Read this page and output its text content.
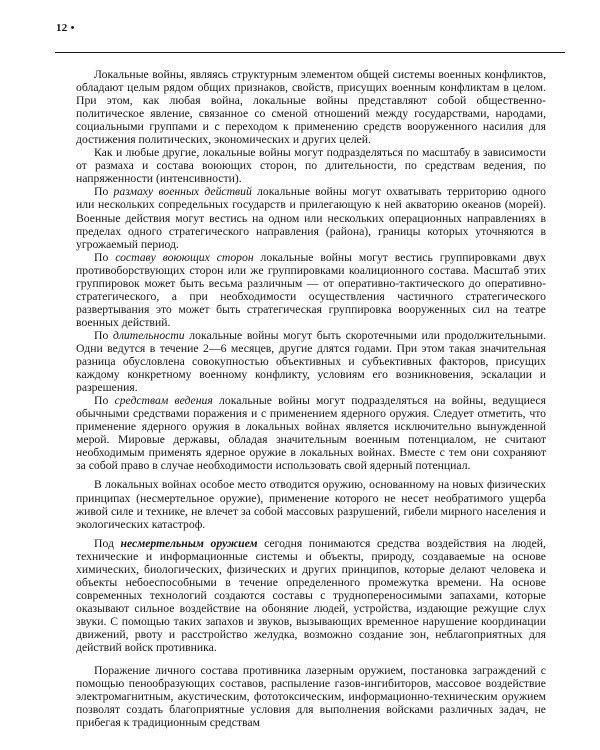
12 •

Локальные войны, являясь структурным элементом общей системы военных конфликтов, обладают целым рядом общих признаков, свойств, присущих военным конфликтам в целом. При этом, как любая война, локальные войны представляют собой общественно-политическое явление, связанное со сменой отношений между государствами, народами, социальными группами и с переходом к применению средств вооруженного насилия для достижения политических, экономических и других целей.

Как и любые другие, локальные войны могут подразделяться по масштабу в зависимости от размаха и состава воюющих сторон, по длительности, по средствам ведения, по напряженности (интенсивности).

По размаху военных действий локальные войны могут охватывать территорию одного или нескольких сопредельных государств и прилегающую к ней акваторию океанов (морей). Военные действия могут вестись на одном или нескольких операционных направлениях в пределах одного стратегического направления (района), границы которых уточняются в угрожаемый период.

По составу воюющих сторон локальные войны могут вестись группировками двух противоборствующих сторон или же группировками коалиционного состава. Масштаб этих группировок может быть весьма различным — от оперативно-тактического до оперативно-стратегического, а при необходимости осуществления частичного стратегического развертывания это может быть стратегическая группировка вооруженных сил на театре военных действий.

По длительности локальные войны могут быть скоротечными или продолжительными. Одни ведутся в течение 2—6 месяцев, другие длятся годами. При этом такая значительная разница обусловлена совокупностью объективных и субъективных факторов, присущих каждому конкретному военному конфликту, условиям его возникновения, эскалации и разрешения.

По средствам ведения локальные войны могут подразделяться на войны, ведущиеся обычными средствами поражения и с применением ядерного оружия. Следует отметить, что применение ядерного оружия в локальных войнах является исключительно вынужденной мерой. Мировые державы, обладая значительным военным потенциалом, не считают необходимым применять ядерное оружие в локальных войнах. Вместе с тем они сохраняют за собой право в случае необходимости использовать свой ядерный потенциал.

В локальных войнах особое место отводится оружию, основанному на новых физических принципах (несмертельное оружие), применение которого не несет необратимого ущерба живой силе и технике, не влечет за собой массовых разрушений, гибели мирного населения и экологических катастроф.

Под несмертельным оружием сегодня понимаются средства воздействия на людей, технические и информационные системы и объекты, природу, создаваемые на основе химических, биологических, физических и других принципов, которые делают человека и объекты небоеспособными в течение определенного промежутка времени. На основе современных технологий создаются составы с труднопереносимыми запахами, которые оказывают сильное воздействие на обоняние людей, устройства, издающие режущие слух звуки. С помощью таких запахов и звуков, вызывающих временное нарушение координации движений, рвоту и расстройство желудка, возможно создание зон, неблагоприятных для действий войск противника.

Поражение личного состава противника лазерным оружием, постановка заграждений с помощью пенообразующих составов, распыление газов-ингибиторов, массовое воздействие электромагнитным, акустическим, фототоксическим, информационно-техническим оружием позволят создать благоприятные условия для выполнения войсками различных задач, не прибегая к традиционным средствам
